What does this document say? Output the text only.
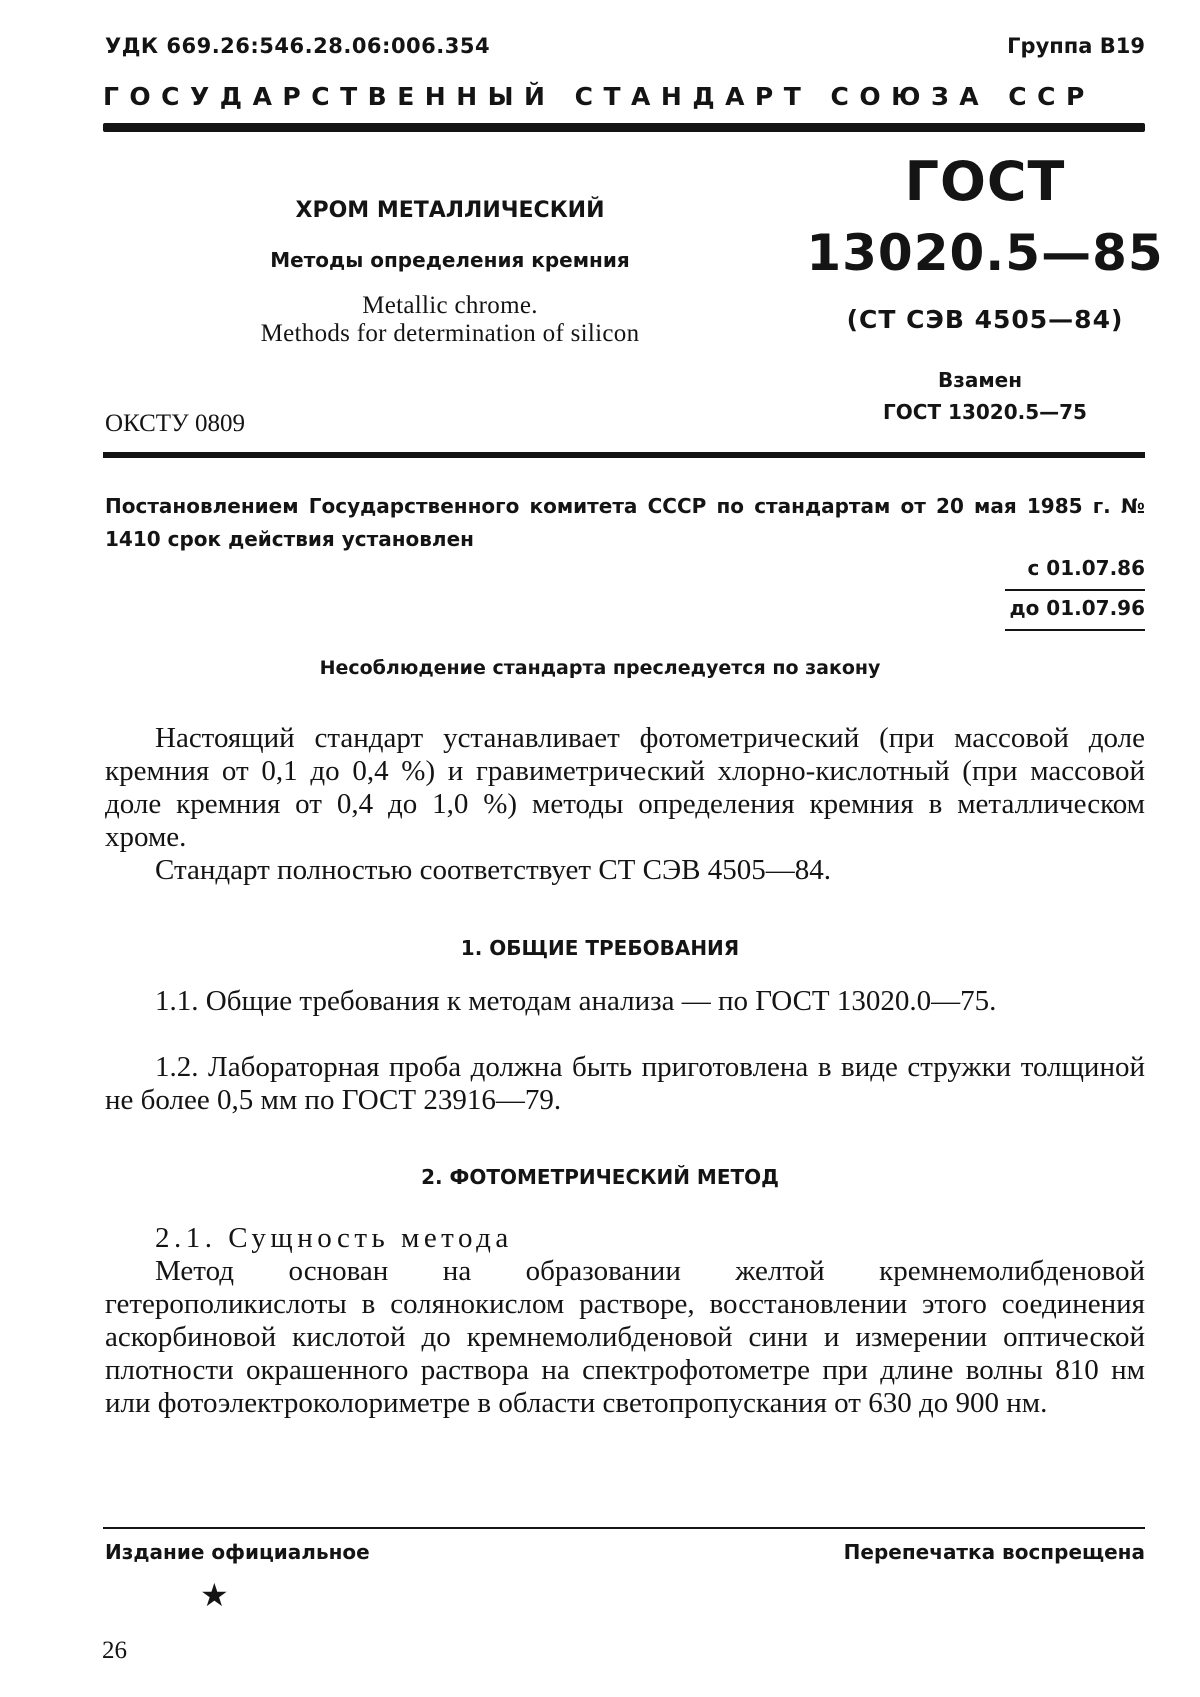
УДК 669.26:546.28.06:006.354	Группа В19
ГОСУДАРСТВЕННЫЙ СТАНДАРТ СОЮЗА ССР
ХРОМ МЕТАЛЛИЧЕСКИЙ
Методы определения кремния
Metallic chrome.
Methods for determination of silicon
ГОСТ
13020.5—85
(СТ СЭВ 4505—84)
Взамен
ГОСТ 13020.5—75
ОКСТУ 0809
Постановлением Государственного комитета СССР по стандартам от 20 мая 1985 г. № 1410 срок действия установлен
с 01.07.86
до 01.07.96
Несоблюдение стандарта преследуется по закону
Настоящий стандарт устанавливает фотометрический (при массовой доле кремния от 0,1 до 0,4 %) и гравиметрический хлорно-кислотный (при массовой доле кремния от 0,4 до 1,0 %) методы определения кремния в металлическом хроме.
Стандарт полностью соответствует СТ СЭВ 4505—84.
1. ОБЩИЕ ТРЕБОВАНИЯ
1.1. Общие требования к методам анализа — по ГОСТ 13020.0—75.
1.2. Лабораторная проба должна быть приготовлена в виде стружки толщиной не более 0,5 мм по ГОСТ 23916—79.
2. ФОТОМЕТРИЧЕСКИЙ МЕТОД
2.1. Сущность метода
Метод основан на образовании желтой кремнемолибденовой гетерополикислоты в солянокислом растворе, восстановлении этого соединения аскорбиновой кислотой до кремнемолибденовой сини и измерении оптической плотности окрашенного раствора на спектрофотометре при длине волны 810 нм или фотоэлектроколориметре в области светопропускания от 630 до 900 нм.
Издание официальное	Перепечатка воспрещена
★
26
